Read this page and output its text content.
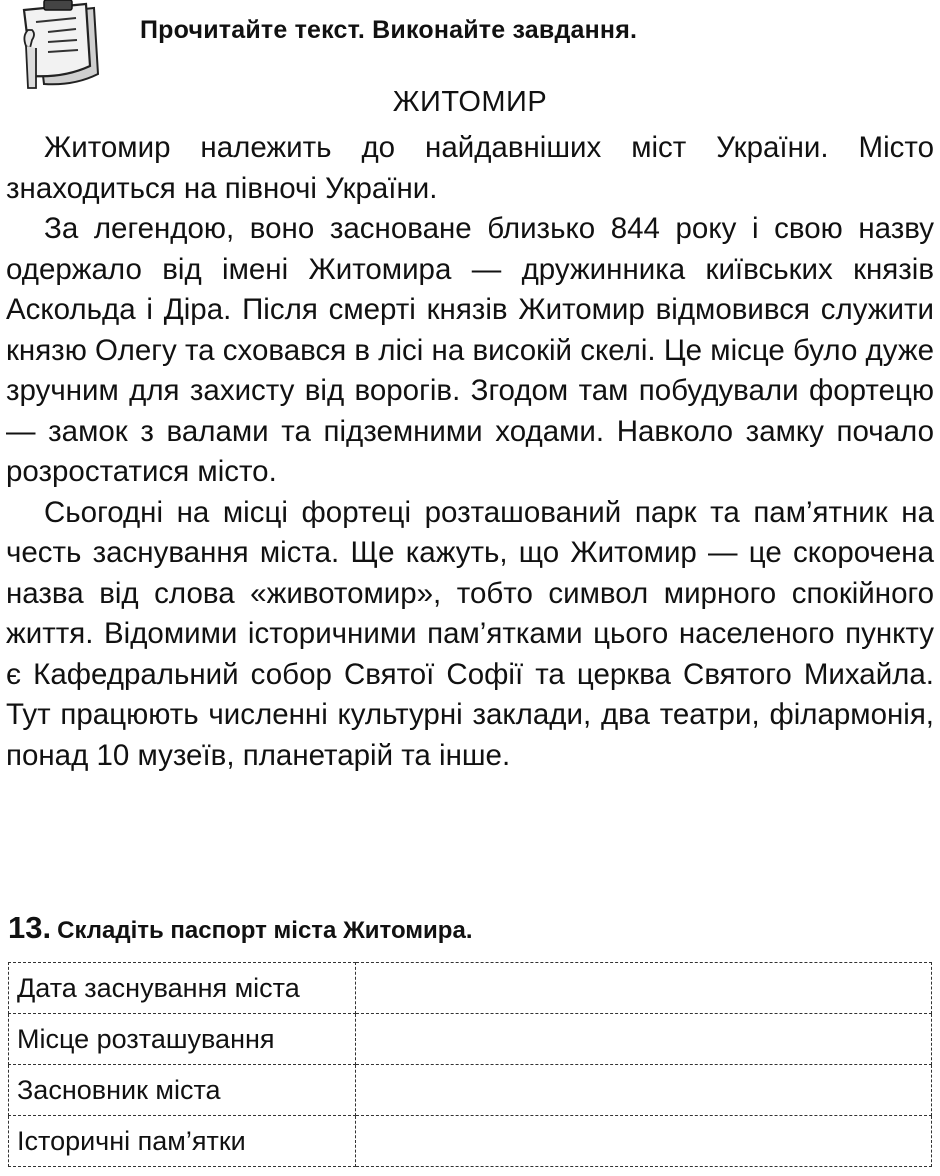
Прочитайте текст. Виконайте завдання.
ЖИТОМИР

Житомир належить до найдавніших міст України. Місто знаходиться на півночі України.

За легендою, воно засноване близько 844 року і свою назву одержало від імені Житомира — дружинника київських князів Аскольда і Діра. Після смерті князів Житомир відмовився служити князю Олегу та сховався в лісі на високій скелі. Це місце було дуже зручним для захисту від ворогів. Згодом там побудували фортецю — замок з валами та підземними ходами. Навколо замку почало розростатися місто.

Сьогодні на місці фортеці розташований парк та пам’ятник на честь заснування міста. Ще кажуть, що Житомир — це скорочена назва від слова «животомир», тобто символ мирного спокійного життя. Відомими історичними пам’ятками цього населеного пункту є Кафедральний собор Святої Софії та церква Святого Михайла. Тут працюють численні культурні заклади, два театри, філармонія, понад 10 музеїв, планетарій та інше.

13. Складіть паспорт міста Житомира.
Дата заснування міста	
Місце розташування	
Засновник міста	
Історичні пам’ятки	
